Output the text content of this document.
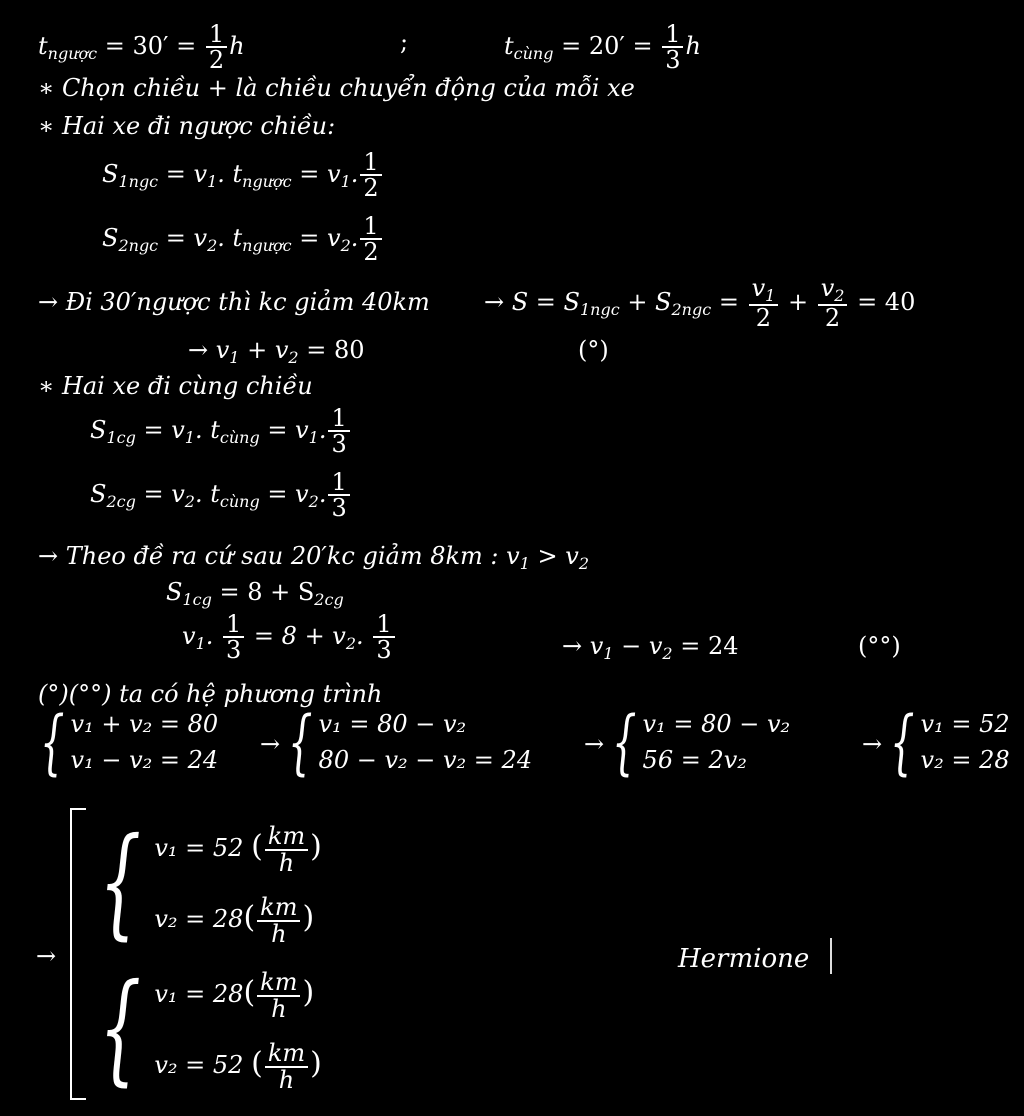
$t_{ngược} = 30' = \frac{1}{2}$ h	;	$t_{cùng} = 20' = \frac{1}{3}$ h
∗ Chọn chiều + là chiều chuyển động của mỗi xe
∗ Hai xe đi ngược chiều:
$S_{1ngc} = v_1$. $t_{ngược} = v_1$. $\frac{1}{2}$
$S_{2ngc} = v_2$. $t_{ngược} = v_2$. $\frac{1}{2}$
→ Đi 30′ngược thì kc giảm $40km \to S = S_{1ngc} + S_{2ngc} = \frac{v_1}{2} + \frac{v_2}{2} = 40$
→ $v_1 + v_2 = 80$	(°)
∗ Hai xe đi cùng chiều
$S_{1cg} = v_1$. $t_{cùng} = v_1$. $\frac{1}{3}$
$S_{2cg} = v_2$. $t_{cùng} = v_2$. $\frac{1}{3}$
→ Theo đề ra cứ sau 20′kc giảm 8km : $v_1 > v_2$
$S_{1cg} = 8 + S_{2cg}$
$v_1$. $\frac{1}{3} = 8 + v_2$. $\frac{1}{3}$	→ $v_1 - v_2 = 24$	(°°)
(°)(°°) ta có hệ phương trình
{ v₁ + v₂ = 80
v₁ − v₂ = 24
→ { v₁ = 80 − v₂
80 − v₂ − v₂ = 24
→ { v₁ = 80 − v₂
56 = 2v₂
→ { v₁ = 52
v₂ = 28
→
{ v₁ = 52 ( $\frac{km}{h}$ )
$v_2 = 28( \frac{km}{h}$ )
{ $v_1 = 28( \frac{km}{h}$ )
v₂ = 52 ( $\frac{km}{h}$ )
Hermione
